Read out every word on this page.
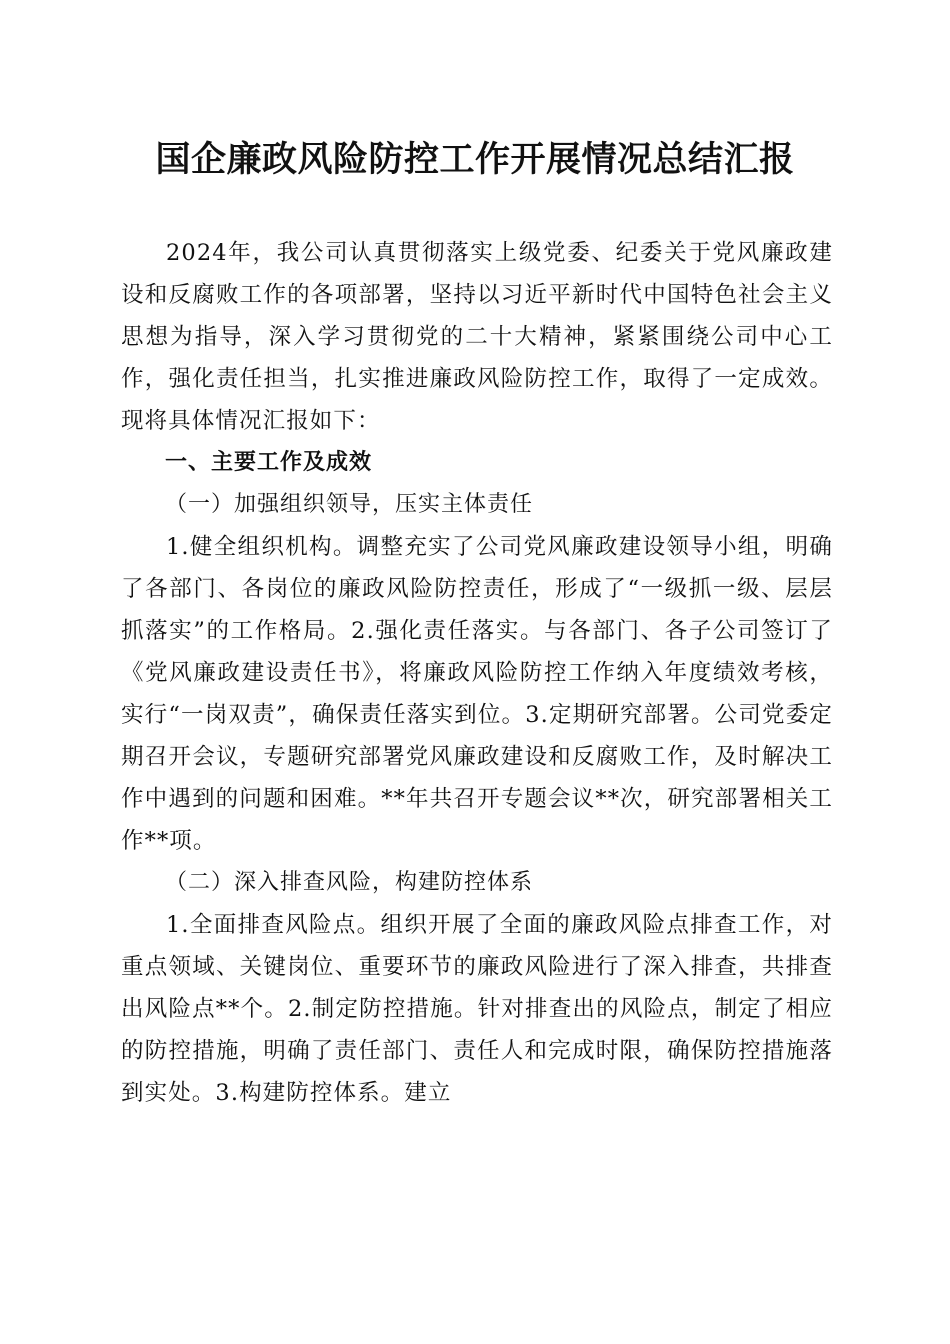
国企廉政风险防控工作开展情况总结汇报

2024年，我公司认真贯彻落实上级党委、纪委关于党风廉政建设和反腐败工作的各项部署，坚持以习近平新时代中国特色社会主义思想为指导，深入学习贯彻党的二十大精神，紧紧围绕公司中心工作，强化责任担当，扎实推进廉政风险防控工作，取得了一定成效。现将具体情况汇报如下：

一、主要工作及成效

（一）加强组织领导，压实主体责任

1.健全组织机构。调整充实了公司党风廉政建设领导小组，明确了各部门、各岗位的廉政风险防控责任，形成了“一级抓一级、层层抓落实”的工作格局。2.强化责任落实。与各部门、各子公司签订了《党风廉政建设责任书》，将廉政风险防控工作纳入年度绩效考核，实行“一岗双责”，确保责任落实到位。3.定期研究部署。公司党委定期召开会议，专题研究部署党风廉政建设和反腐败工作，及时解决工作中遇到的问题和困难。**年共召开专题会议**次，研究部署相关工作**项。

（二）深入排查风险，构建防控体系

1.全面排查风险点。组织开展了全面的廉政风险点排查工作，对重点领域、关键岗位、重要环节的廉政风险进行了深入排查，共排查出风险点**个。2.制定防控措施。针对排查出的风险点，制定了相应的防控措施，明确了责任部门、责任人和完成时限，确保防控措施落到实处。3.构建防控体系。建立
